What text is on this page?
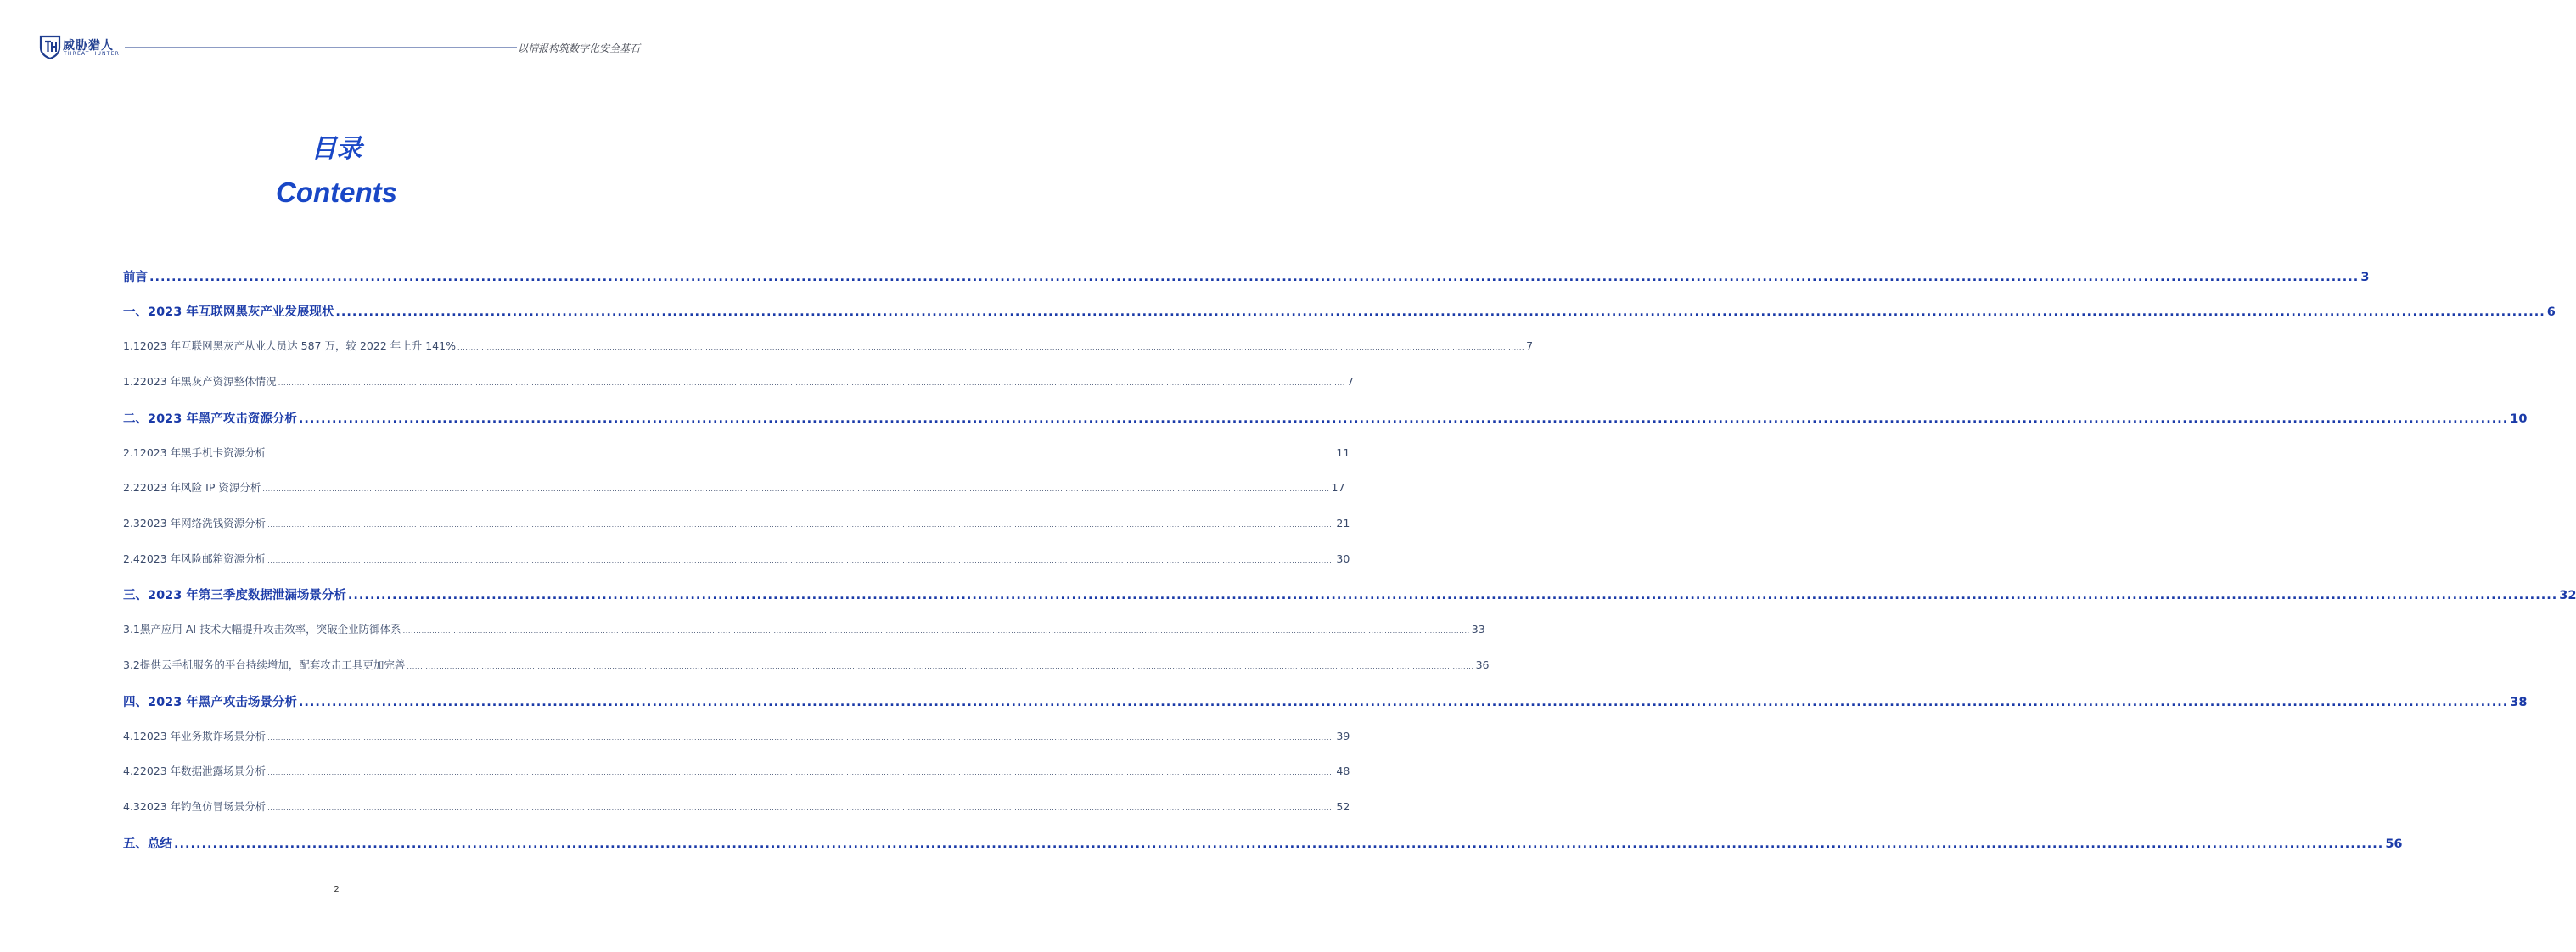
威胁猎人
THREAT HUNTER	以情报构筑数字化安全基石
目录
Contents
前言 ................................................................................................................................................................................................................................................................................................................................................................................................................ 3
一、2023 年互联网黑灰产业发展现状 ................................................................................................................................................................................................................................................................................................................................................................................................................ 6
1.1 2023 年互联网黑灰产从业人员达 587 万，较 2022 年上升 141% ................................................................................................................................................................................................................................................................................................................................................................................................................ 7
1.2 2023 年黑灰产资源整体情况 ................................................................................................................................................................................................................................................................................................................................................................................................................ 7
二、2023 年黑产攻击资源分析 ................................................................................................................................................................................................................................................................................................................................................................................................................ 10
2.1 2023 年黑手机卡资源分析 ................................................................................................................................................................................................................................................................................................................................................................................................................ 11
2.2 2023 年风险 IP 资源分析 ................................................................................................................................................................................................................................................................................................................................................................................................................ 17
2.3 2023 年网络洗钱资源分析 ................................................................................................................................................................................................................................................................................................................................................................................................................ 21
2.4 2023 年风险邮箱资源分析 ................................................................................................................................................................................................................................................................................................................................................................................................................ 30
三、2023 年第三季度数据泄漏场景分析 ................................................................................................................................................................................................................................................................................................................................................................................................................ 32
3.1 黑产应用 AI 技术大幅提升攻击效率，突破企业防御体系 ................................................................................................................................................................................................................................................................................................................................................................................................................ 33
3.2 提供云手机服务的平台持续增加，配套攻击工具更加完善 ................................................................................................................................................................................................................................................................................................................................................................................................................ 36
四、2023 年黑产攻击场景分析 ................................................................................................................................................................................................................................................................................................................................................................................................................ 38
4.1 2023 年业务欺诈场景分析 ................................................................................................................................................................................................................................................................................................................................................................................................................ 39
4.2 2023 年数据泄露场景分析 ................................................................................................................................................................................................................................................................................................................................................................................................................ 48
4.3 2023 年钓鱼仿冒场景分析 ................................................................................................................................................................................................................................................................................................................................................................................................................ 52
五、总结 ................................................................................................................................................................................................................................................................................................................................................................................................................ 56
2
